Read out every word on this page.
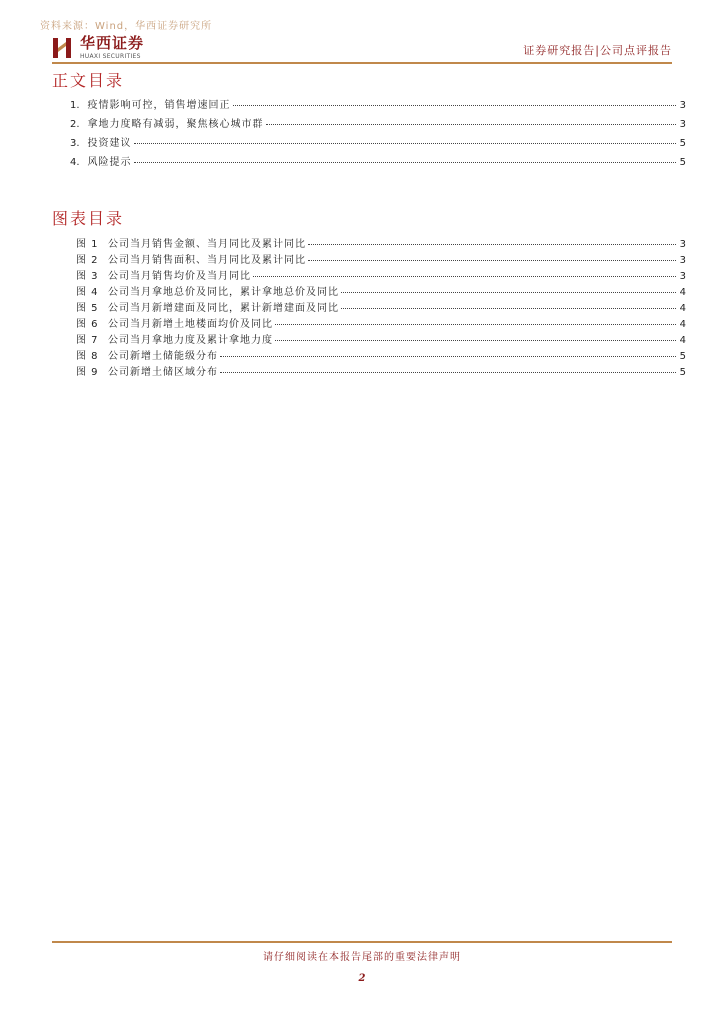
资料来源：Wind，华西证券研究所
华西证券
HUAXI SECURITIES	证券研究报告|公司点评报告
正文目录
1. 疫情影响可控，销售增速回正	3
2. 拿地力度略有减弱，聚焦核心城市群	3
3. 投资建议	5
4. 风险提示	5
图表目录
图 1 公司当月销售金额、当月同比及累计同比	3
图 2 公司当月销售面积、当月同比及累计同比	3
图 3 公司当月销售均价及当月同比	3
图 4 公司当月拿地总价及同比，累计拿地总价及同比	4
图 5 公司当月新增建面及同比，累计新增建面及同比	4
图 6 公司当月新增土地楼面均价及同比	4
图 7 公司当月拿地力度及累计拿地力度	4
图 8 公司新增土储能级分布	5
图 9 公司新增土储区域分布	5
请仔细阅读在本报告尾部的重要法律声明
2
